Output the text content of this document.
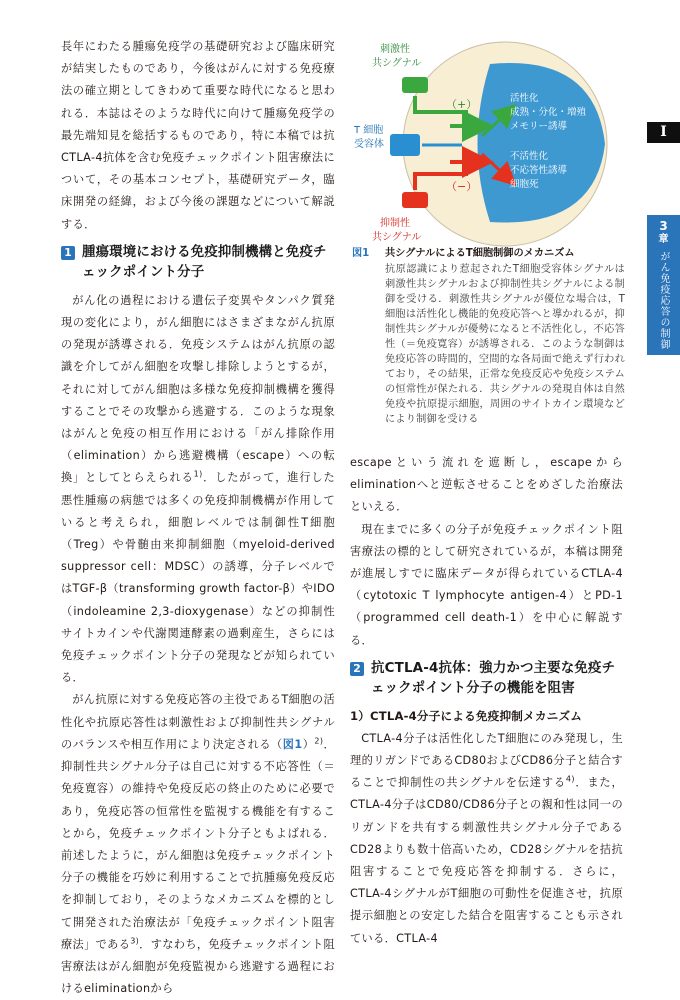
長年にわたる腫瘍免疫学の基礎研究および臨床研究が結実したものであり，今後はがんに対する免疫療法の確立期としてきわめて重要な時代になると思われる．本誌はそのような時代に向けて腫瘍免疫学の最先端知見を総括するものであり，特に本稿では抗CTLA-4抗体を含む免疫チェックポイント阻害療法について，その基本コンセプト，基礎研究データ，臨床開発の経緯，および今後の課題などについて解説する．

1 腫瘍環境における免疫抑制機構と免疫チェックポイント分子

がん化の過程における遺伝子変異やタンパク質発現の変化により，がん細胞にはさまざまながん抗原の発現が誘導される．免疫システムはがん抗原の認識を介してがん細胞を攻撃し排除しようとするが，それに対してがん細胞は多様な免疫抑制機構を獲得することでその攻撃から逃避する．このような現象はがんと免疫の相互作用における「がん排除作用（elimination）から逃避機構（escape）への転換」としてとらえられる$^{1)}$．したがって，進行した悪性腫瘍の病態では多くの免疫抑制機構が作用していると考えられ，細胞レベルでは制御性T細胞（Treg）や骨髄由来抑制細胞（myeloid-derived suppressor cell：MDSC）の誘導，分子レベルではTGF-β（transforming growth factor-β）やIDO（indoleamine 2,3-dioxygenase）などの抑制性サイトカインや代謝関連酵素の過剰産生，さらには免疫チェックポイント分子の発現などが知られている．

がん抗原に対する免疫応答の主役であるT細胞の活性化や抗原応答性は刺激性および抑制性共シグナルのバランスや相互作用により決定される（図1）$^{2)}$．抑制性共シグナル分子は自己に対する不応答性（＝免疫寛容）の維持や免疫反応の終止のために必要であり，免疫応答の恒常性を監視する機能を有することから，免疫チェックポイント分子ともよばれる．前述したように，がん細胞は免疫チェックポイント分子の機能を巧妙に利用することで抗腫瘍免疫反応を抑制しており，そのようなメカニズムを標的として開発された治療法が「免疫チェックポイント阻害療法」である$^{3)}$．すなわち，免疫チェックポイント阻害療法はがん細胞が免疫監視から逃避する過程におけるeliminationから

刺激性
共シグナル
抑制性
共シグナル
T 細胞
受容体
（+）
（−）
活性化
成熟・分化・増殖
メモリー誘導
不活性化
不応答性誘導
細胞死
図1 共シグナルによるT細胞制御のメカニズム
抗原認識により惹起されたT細胞受容体シグナルは刺激性共シグナルおよび抑制性共シグナルによる制御を受ける．刺激性共シグナルが優位な場合は，T細胞は活性化し機能的免疫応答へと導かれるが，抑制性共シグナルが優勢になると不活性化し，不応答性（＝免疫寛容）が誘導される．このような制御は免疫応答の時間的，空間的な各局面で絶えず行われており，その結果，正常な免疫反応や免疫システムの恒常性が保たれる．共シグナルの発現自体は自然免疫や抗原提示細胞，周囲のサイトカイン環境などにより制御を受ける

escapeという流れを遮断し，escapeからeliminationへと逆転させることをめざした治療法といえる．

現在までに多くの分子が免疫チェックポイント阻害療法の標的として研究されているが，本稿は開発が進展しすでに臨床データが得られているCTLA-4（cytotoxic T lymphocyte antigen-4）とPD-1（programmed cell death-1）を中心に解説する．

2 抗CTLA-4抗体：強力かつ主要な免疫チェックポイント分子の機能を阻害
1）CTLA-4分子による免疫抑制メカニズム

CTLA-4分子は活性化したT細胞にのみ発現し，生理的リガンドであるCD80およびCD86分子と結合することで抑制性の共シグナルを伝達する$^{4)}$．また，CTLA-4分子はCD80/CD86分子との親和性は同一のリガンドを共有する刺激性共シグナル分子であるCD28よりも数十倍高いため，CD28シグナルを拮抗阻害することで免疫応答を抑制する．さらに，CTLA-4シグナルがT細胞の可動性を促進させ，抗原提示細胞との安定した結合を阻害することも示されている．CTLA-4

I
3
章
がん免疫応答の制御
